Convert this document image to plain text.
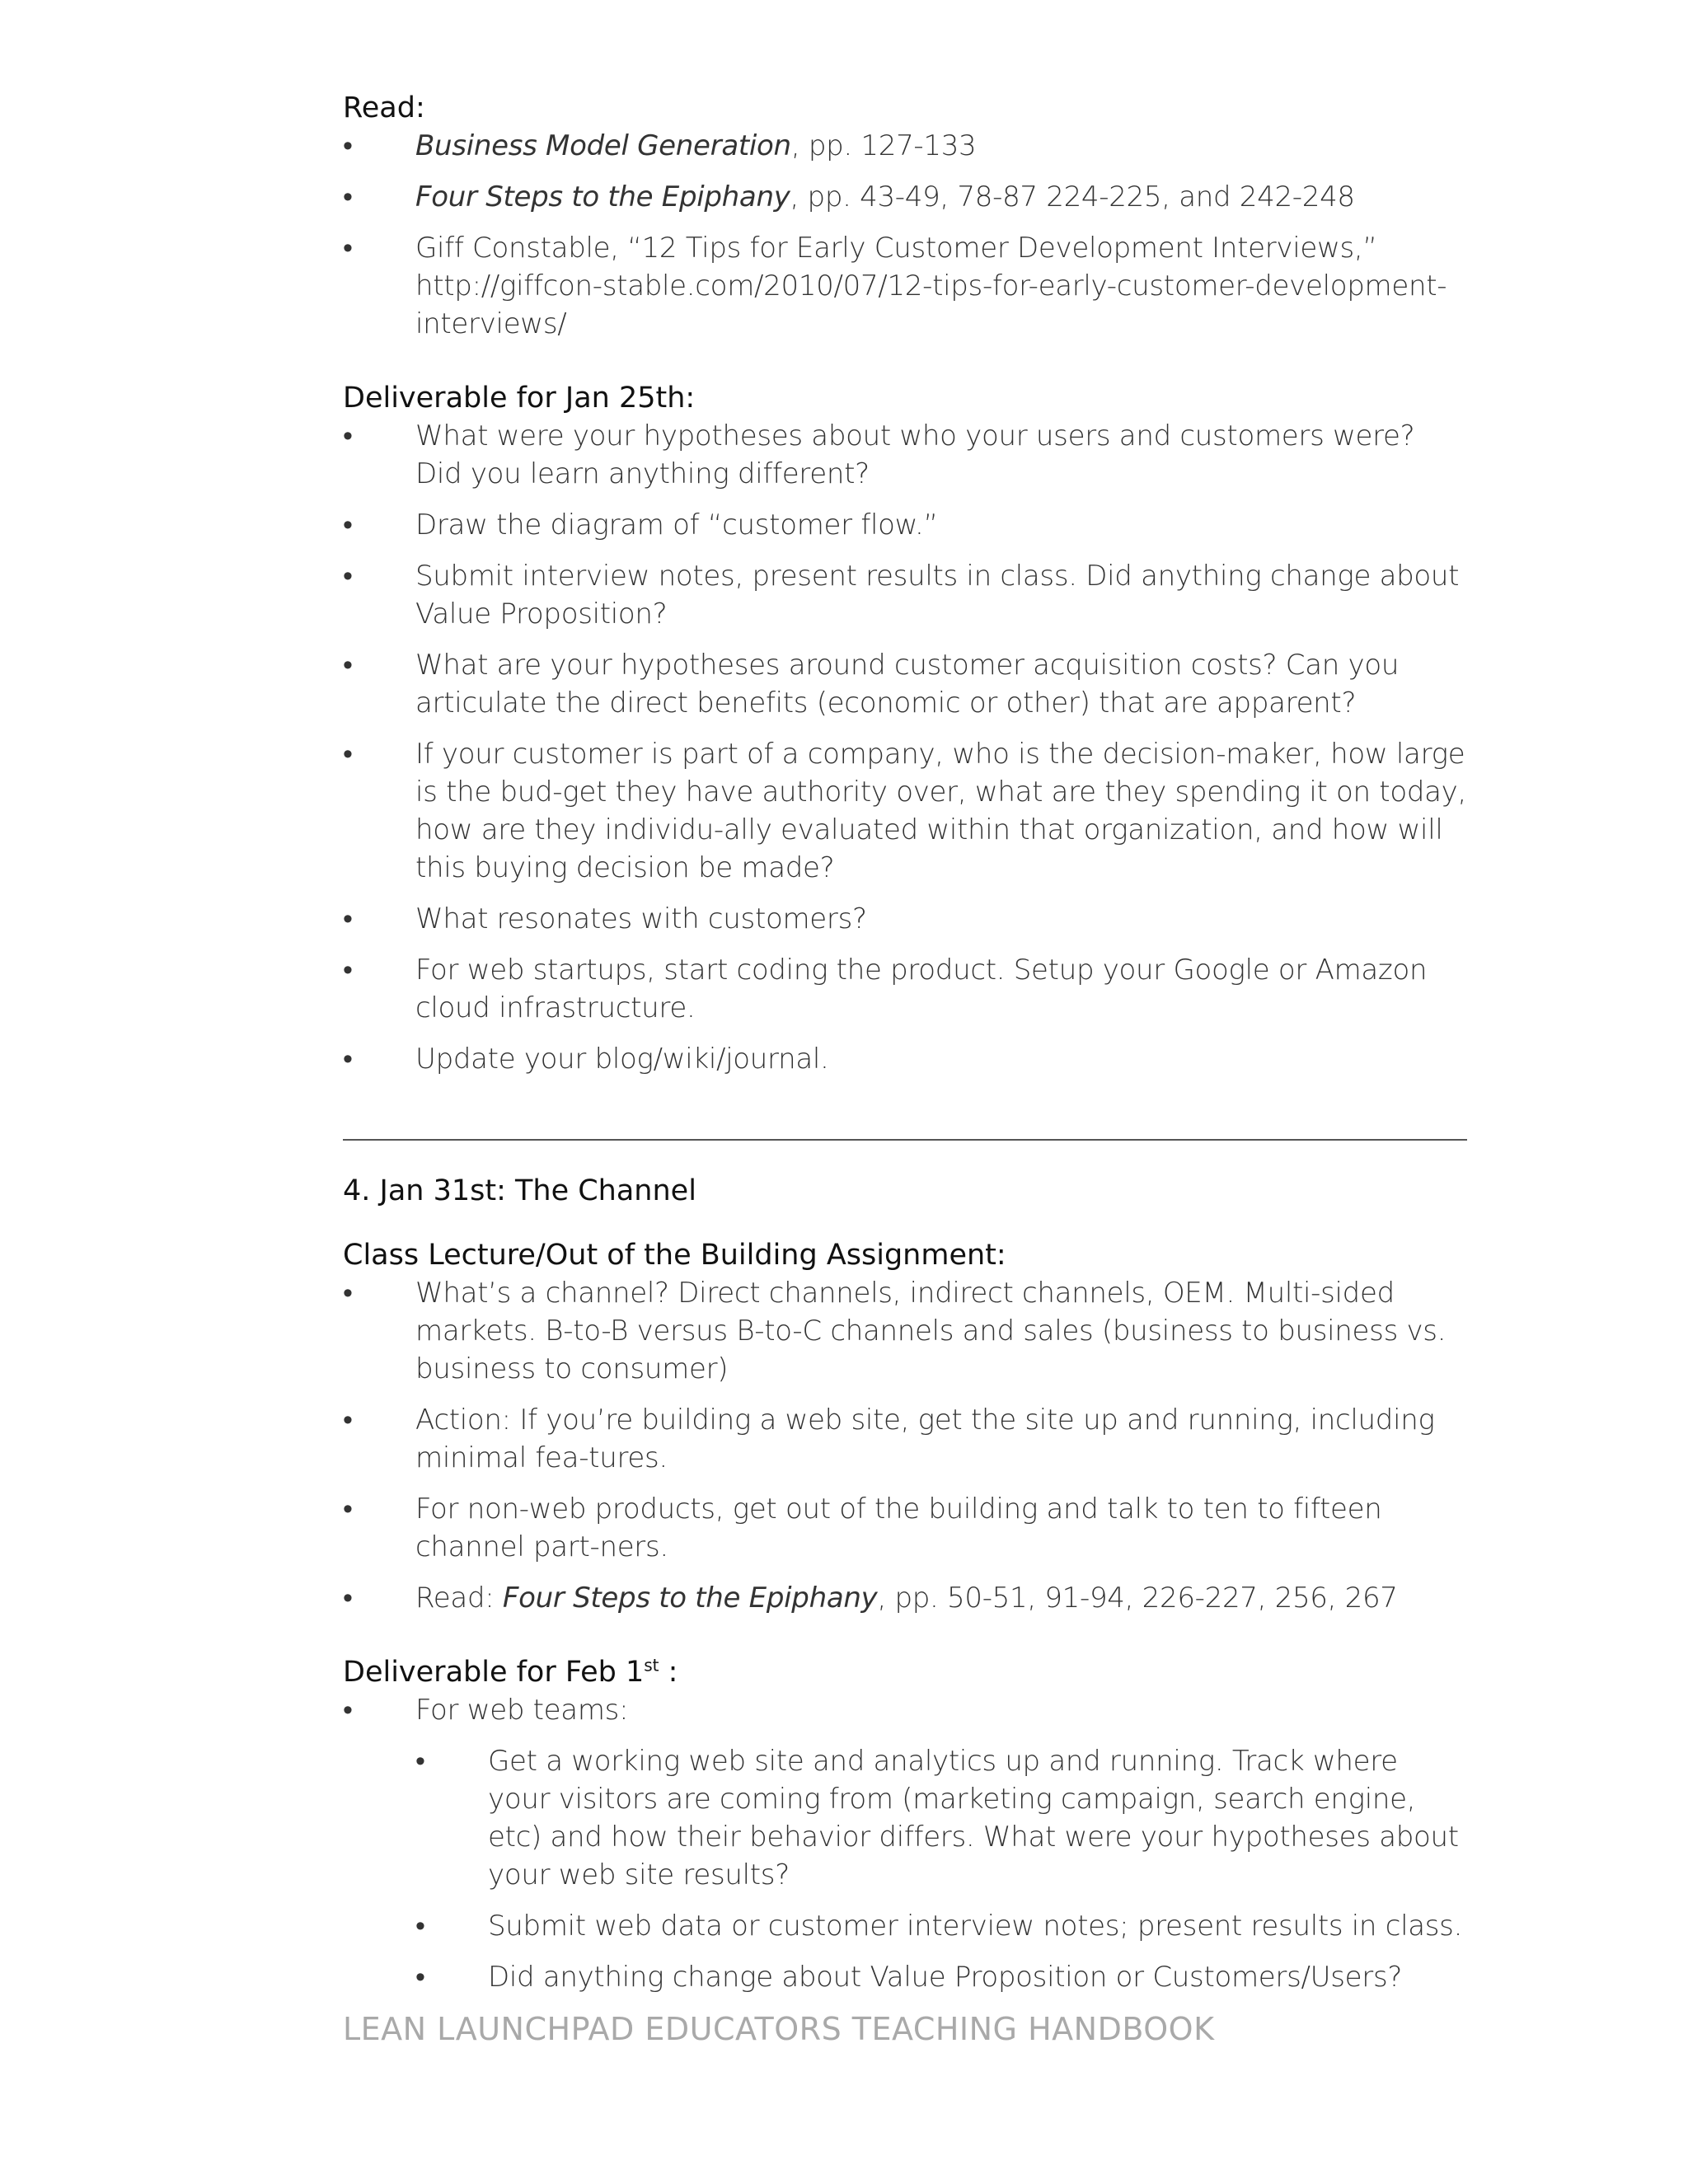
Read:

• Business Model Generation, pp. 127-133
• Four Steps to the Epiphany, pp. 43-49, 78-87 224-225, and 242-248
• Giff Constable, “12 Tips for Early Customer Development Interviews,” http://giffcon-stable.com/2010/07/12-tips-for-early-customer-development-interviews/

Deliverable for Jan 25th:

• What were your hypotheses about who your users and customers were? Did you learn anything different?
• Draw the diagram of “customer flow.”
• Submit interview notes, present results in class. Did anything change about Value Proposition?
• What are your hypotheses around customer acquisition costs? Can you articulate the direct benefits (economic or other) that are apparent?
• If your customer is part of a company, who is the decision-maker, how large is the bud-get they have authority over, what are they spending it on today, how are they individu-ally evaluated within that organization, and how will this buying decision be made?
• What resonates with customers?
• For web startups, start coding the product. Setup your Google or Amazon cloud infrastructure.
• Update your blog/wiki/journal.

4. Jan 31st: The Channel

Class Lecture/Out of the Building Assignment:

• What’s a channel? Direct channels, indirect channels, OEM. Multi-sided markets. B-to-B versus B-to-C channels and sales (business to business vs. business to consumer)
• Action: If you’re building a web site, get the site up and running, including minimal fea-tures.
• For non-web products, get out of the building and talk to ten to fifteen channel part-ners.
• Read: Four Steps to the Epiphany, pp. 50-51, 91-94, 226-227, 256, 267

Deliverable for Feb 1st :

• For web teams:
• Get a working web site and analytics up and running. Track where your visitors are coming from (marketing campaign, search engine, etc) and how their behavior differs. What were your hypotheses about your web site results?
• Submit web data or customer interview notes; present results in class.
• Did anything change about Value Proposition or Customers/Users?
LEAN LAUNCHPAD EDUCATORS TEACHING HANDBOOK
